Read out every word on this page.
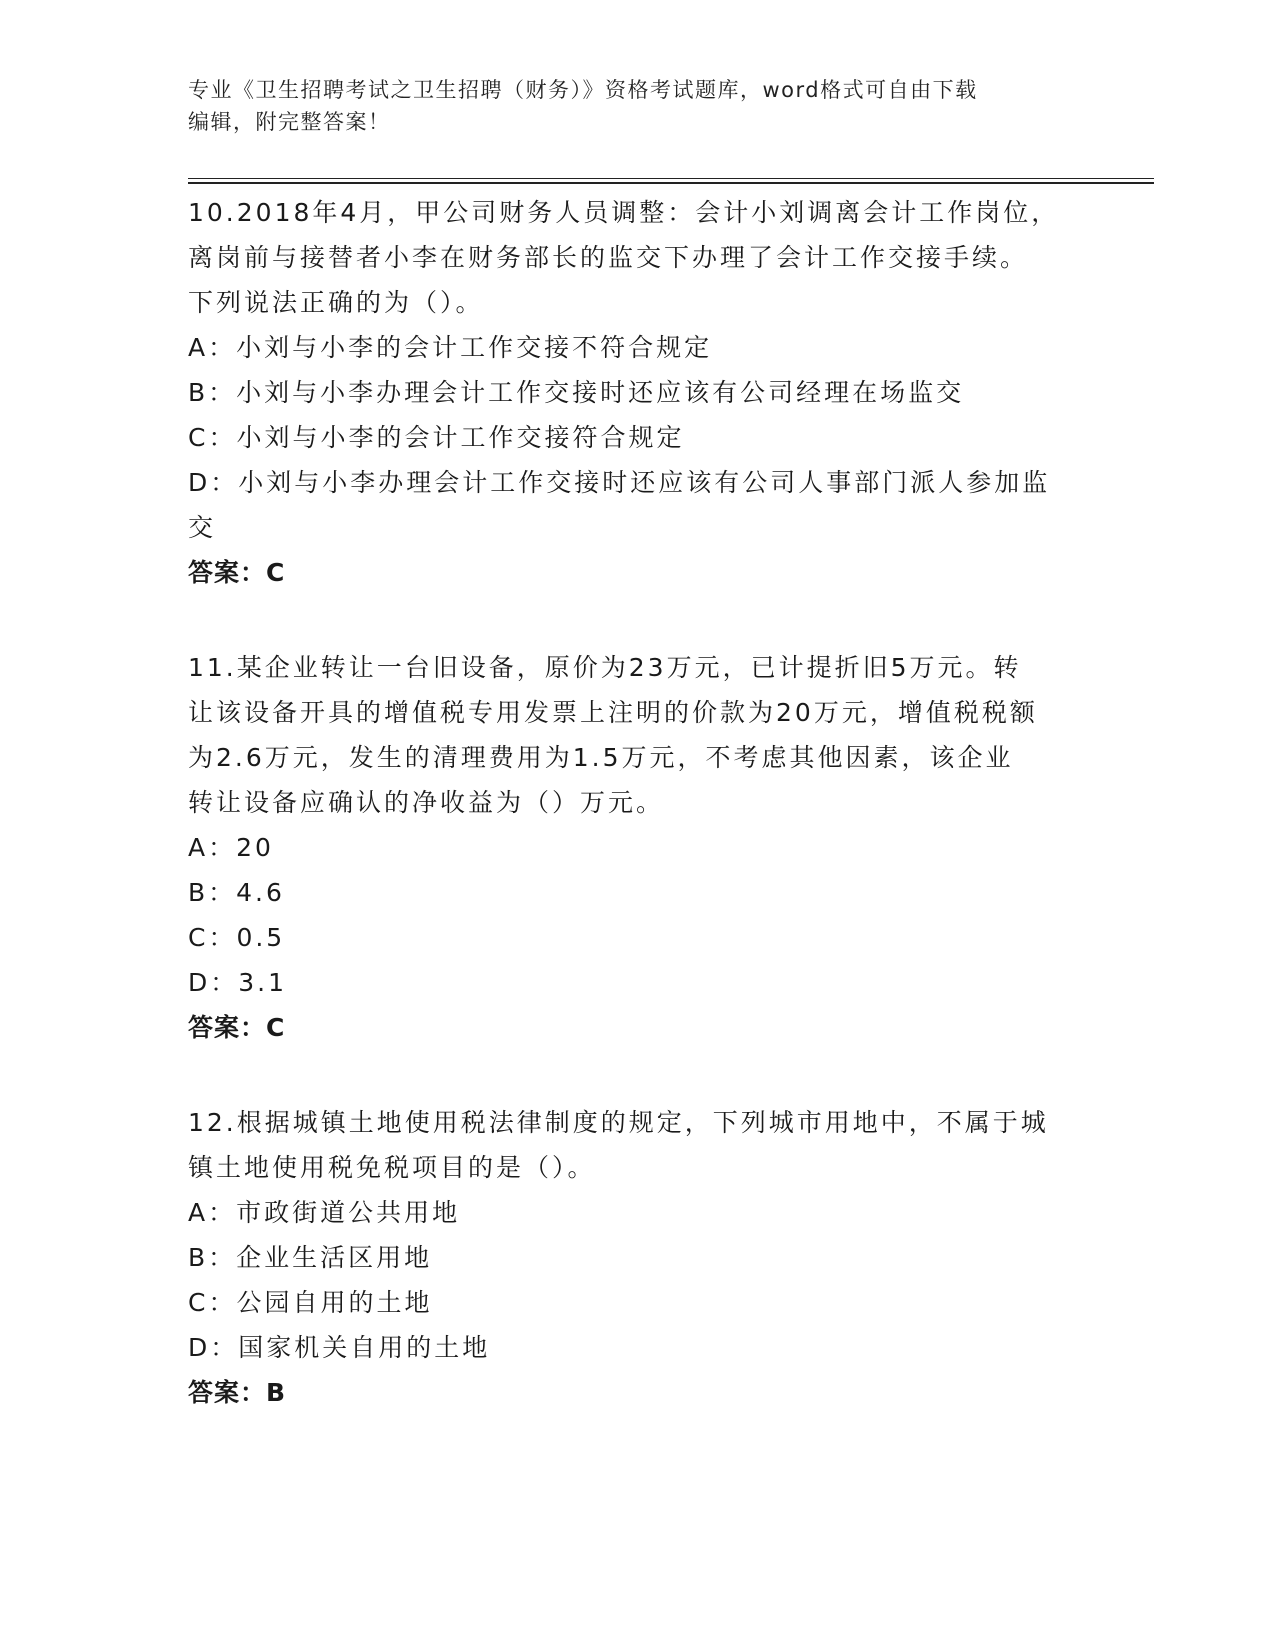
专业《卫生招聘考试之卫生招聘（财务）》资格考试题库，word格式可自由下载
编辑，附完整答案！
10.2018年4月，甲公司财务人员调整：会计小刘调离会计工作岗位，
离岗前与接替者小李在财务部长的监交下办理了会计工作交接手续。
下列说法正确的为（）。
A：小刘与小李的会计工作交接不符合规定
B：小刘与小李办理会计工作交接时还应该有公司经理在场监交
C：小刘与小李的会计工作交接符合规定
D：小刘与小李办理会计工作交接时还应该有公司人事部门派人参加监
交
答案：C
11.某企业转让一台旧设备，原价为23万元，已计提折旧5万元。转
让该设备开具的增值税专用发票上注明的价款为20万元，增值税税额
为2.6万元，发生的清理费用为1.5万元，不考虑其他因素，该企业
转让设备应确认的净收益为（）万元。
A：20
B：4.6
C：0.5
D：3.1
答案：C
12.根据城镇土地使用税法律制度的规定，下列城市用地中，不属于城
镇土地使用税免税项目的是（）。
A：市政街道公共用地
B：企业生活区用地
C：公园自用的土地
D：国家机关自用的土地
答案：B
